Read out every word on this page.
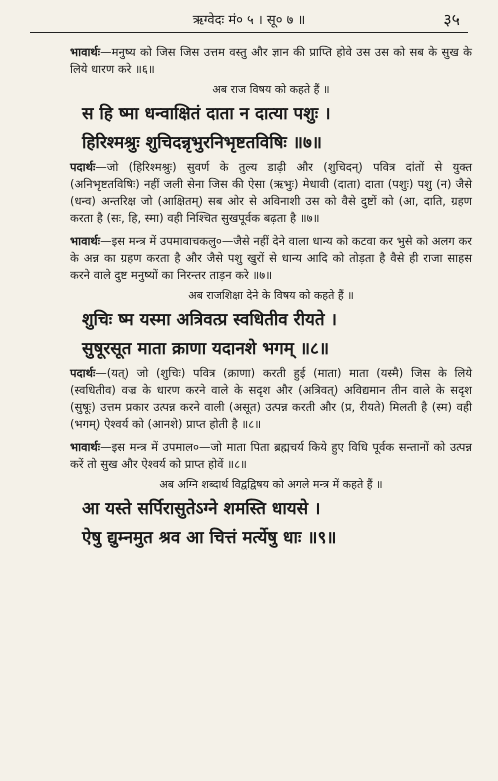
ऋग्वेदः मं० ५ । सू० ७ ॥	३५

भावार्थः—मनुष्य को जिस जिस उत्तम वस्तु और ज्ञान की प्राप्ति होवे उस उस को सब के सुख के लिये धारण करे ॥६॥

अब राज विषय को कहते हैं ॥

स हि ष्मा धन्वाक्षितं दाता न दात्या पशुः ।

हिरिश्मश्रुः शुचिदन्नृभुरनिभृष्टतविषिः ॥७॥

पदार्थः—जो (हिरिश्मश्रुः) सुवर्ण के तुल्य डाढ़ी और (शुचिदन्) पवित्र दांतों से युक्त (अनिभृष्टतविषिः) नहीं जली सेना जिस की ऐसा (ऋभुः) मेधावी (दाता) दाता (पशुः) पशु (न) जैसे (धन्व) अन्तरिक्ष जो (आक्षितम्) सब ओर से अविनाशी उस को वैसे दुष्टों को (आ, दाति, ग्रहण करता है (सः, हि, स्मा) वही निश्चित सुखपूर्वक बढ़ता है ॥७॥

भावार्थः—इस मन्त्र में उपमावाचकलु०—जैसे नहीं देने वाला धान्य को कटवा कर भुसे को अलग कर के अन्न का ग्रहण करता है और जैसे पशु खुरों से धान्य आदि को तोड़ता है वैसे ही राजा साहस करने वाले दुष्ट मनुष्यों का निरन्तर ताड़न करे ॥७॥

अब राजशिक्षा देने के विषय को कहते हैं ॥

शुचिः ष्म यस्मा अत्रिवत्प्र स्वधितीव रीयते ।

सुषूरसूत माता क्राणा यदानशे भगम् ॥८॥

पदार्थः—(यत्) जो (शुचिः) पवित्र (क्राणा) करती हुई (माता) माता (यस्मै) जिस के लिये (स्वधितीव) वज्र के धारण करने वाले के सदृश और (अत्रिवत्) अविद्यमान तीन वाले के सदृश (सुषूः) उत्तम प्रकार उत्पन्न करने वाली (असूत) उत्पन्न करती और (प्र, रीयते) मिलती है (स्म) वही (भगम्) ऐश्वर्य को (आनशे) प्राप्त होती है ॥८॥

भावार्थः—इस मन्त्र में उपमाल०—जो माता पिता ब्रह्मचर्य किये हुए विधि पूर्वक सन्तानों को उत्पन्न करें तो सुख और ऐश्वर्य को प्राप्त होवें ॥८॥

अब अग्नि शब्दार्थ विद्वद्विषय को अगले मन्त्र में कहते हैं ॥

आ यस्ते सर्पिरासुतेऽग्ने शमस्ति धायसे ।

ऐषु द्युम्नमुत श्रव आ चित्तं मर्त्येषु धाः ॥९॥
